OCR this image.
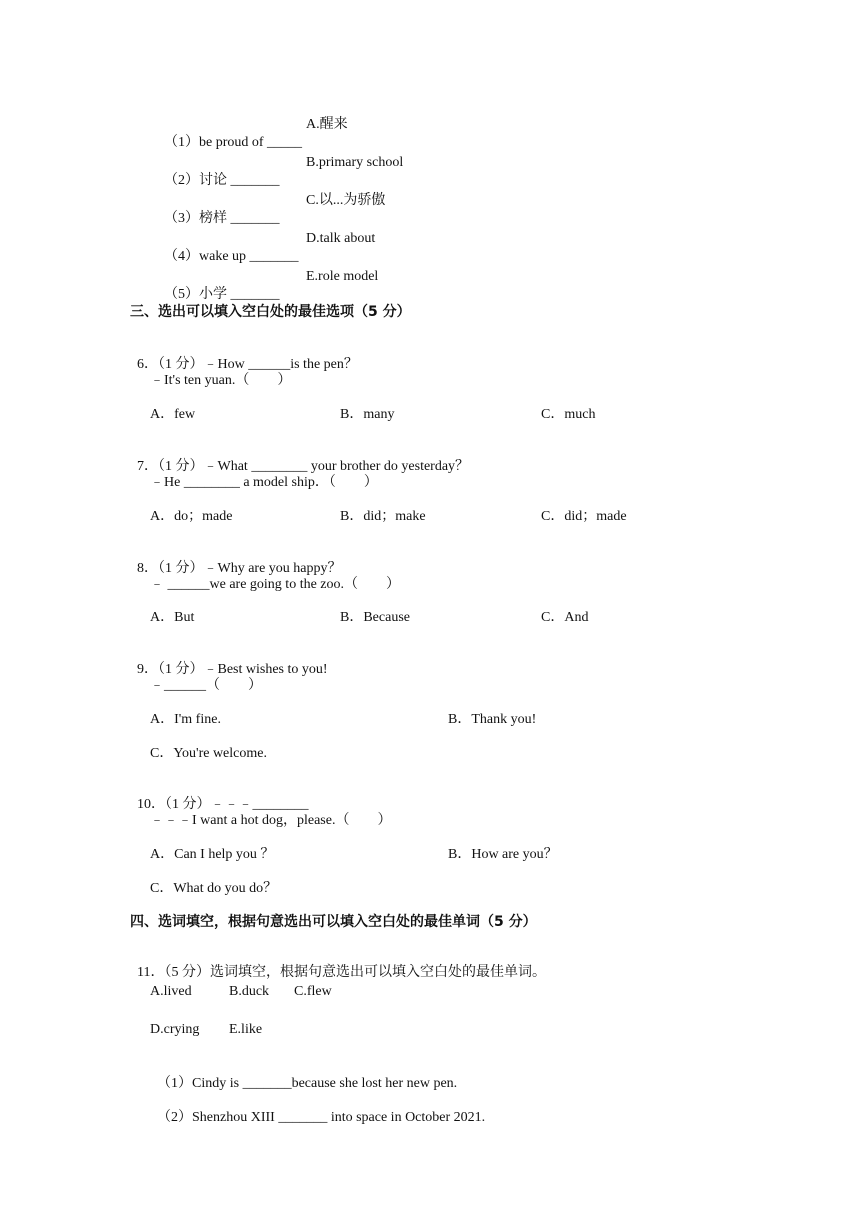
（1）be proud of _____

A.醒来

（2）讨论 _______

B.primary school

（3）榜样 _______

C.以...为骄傲

（4）wake up _______

D.talk about

（5）小学 _______

E.role model
三、选出可以填入空白处的最佳选项（5 分）

6．（1 分）﹣How ______is the pen？

﹣It's ten yuan.（　　）
A．few	B．many	C．much

7．（1 分）﹣What ________ your brother do yesterday？

﹣He ________ a model ship．（　　）
A．do；made	B．did；make	C．did；made

8．（1 分）﹣Why are you happy？

﹣ ______we are going to the zoo.（　　）
A．But	B．Because	C．And

9．（1 分）﹣Best wishes to you!

﹣______（　　）
A．I'm fine.	B．Thank you!
C．You're welcome.

10．（1 分）﹣﹣﹣________

﹣﹣﹣I want a hot dog，please.（　　）
A．Can I help you ？	B．How are you？
C．What do you do？
四、选词填空，根据句意选出可以填入空白处的最佳单词（5 分）

11．（5 分）选词填空，根据句意选出可以填入空白处的最佳单词。

A.lived	B.duck C.flew
D.crying E.like

（1）Cindy is _______because she lost her new pen.

（2）Shenzhou XIII _______ into space in October 2021.
